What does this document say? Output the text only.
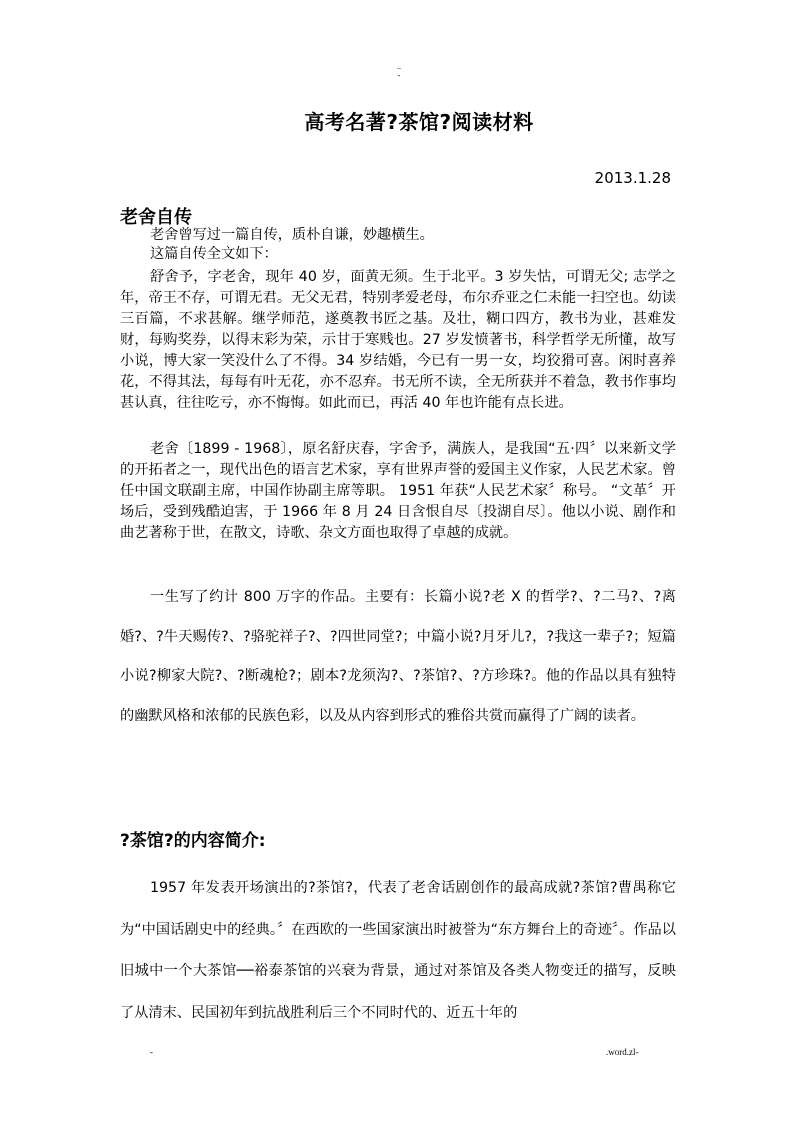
..
-
高考名著?茶馆?阅读材料
2013.1.28
老舍自传
老舍曾写过一篇自传，质朴自谦，妙趣横生。
这篇自传全文如下：
舒舍予，字老舍，现年 40 岁，面黄无须。生于北平。3 岁失怙，可谓无父; 志学之年，帝王不存，可谓无君。无父无君，特别孝爱老母，布尔乔亚之仁未能一扫空也。幼读三百篇，不求甚解。继学师范，遂奠教书匠之基。及壮，糊口四方，教书为业，甚难发财，每购奖券，以得末彩为荣，示甘于寒贱也。27 岁发愤著书，科学哲学无所懂，故写小说，博大家一笑没什么了不得。34 岁结婚，今已有一男一女，均狡猾可喜。闲时喜养花，不得其法，每每有叶无花，亦不忍弃。书无所不读，全无所获并不着急，教书作事均甚认真，往往吃亏，亦不悔悔。如此而已，再活 40 年也许能有点长进。
老舍〔1899 - 1968〕，原名舒庆春，字舍予，满族人，是我国“五·四〞以来新文学的开拓者之一，现代出色的语言艺术家，享有世界声誉的爱国主义作家，人民艺术家。曾任中国文联副主席，中国作协副主席等职。 1951 年获“人民艺术家〞称号。 “文革〞开场后，受到残酷迫害，于 1966 年 8 月 24 日含恨自尽〔投湖自尽〕。他以小说、剧作和曲艺著称于世，在散文，诗歌、杂文方面也取得了卓越的成就。
一生写了约计 800 万字的作品。主要有：长篇小说?老 X 的哲学?、?二马?、?离婚?、?牛天赐传?、?骆驼祥子?、?四世同堂?；中篇小说?月牙儿?，?我这一辈子?；短篇小说?柳家大院?、?断魂枪?；剧本?龙须沟?、?茶馆?、?方珍珠?。他的作品以具有独特的幽默风格和浓郁的民族色彩，以及从内容到形式的雅俗共赏而赢得了广阔的读者。
?茶馆?的内容简介:
1957 年发表开场演出的?茶馆?，代表了老舍话剧创作的最高成就?茶馆?曹禺称它为“中国话剧史中的经典。〞在西欧的一些国家演出时被誉为“东方舞台上的奇迹〞。作品以旧城中一个大茶馆──裕泰茶馆的兴衰为背景，通过对茶馆及各类人物变迁的描写，反映了从清末、民国初年到抗战胜利后三个不同时代的、近五十年的
-	.word.zl-
